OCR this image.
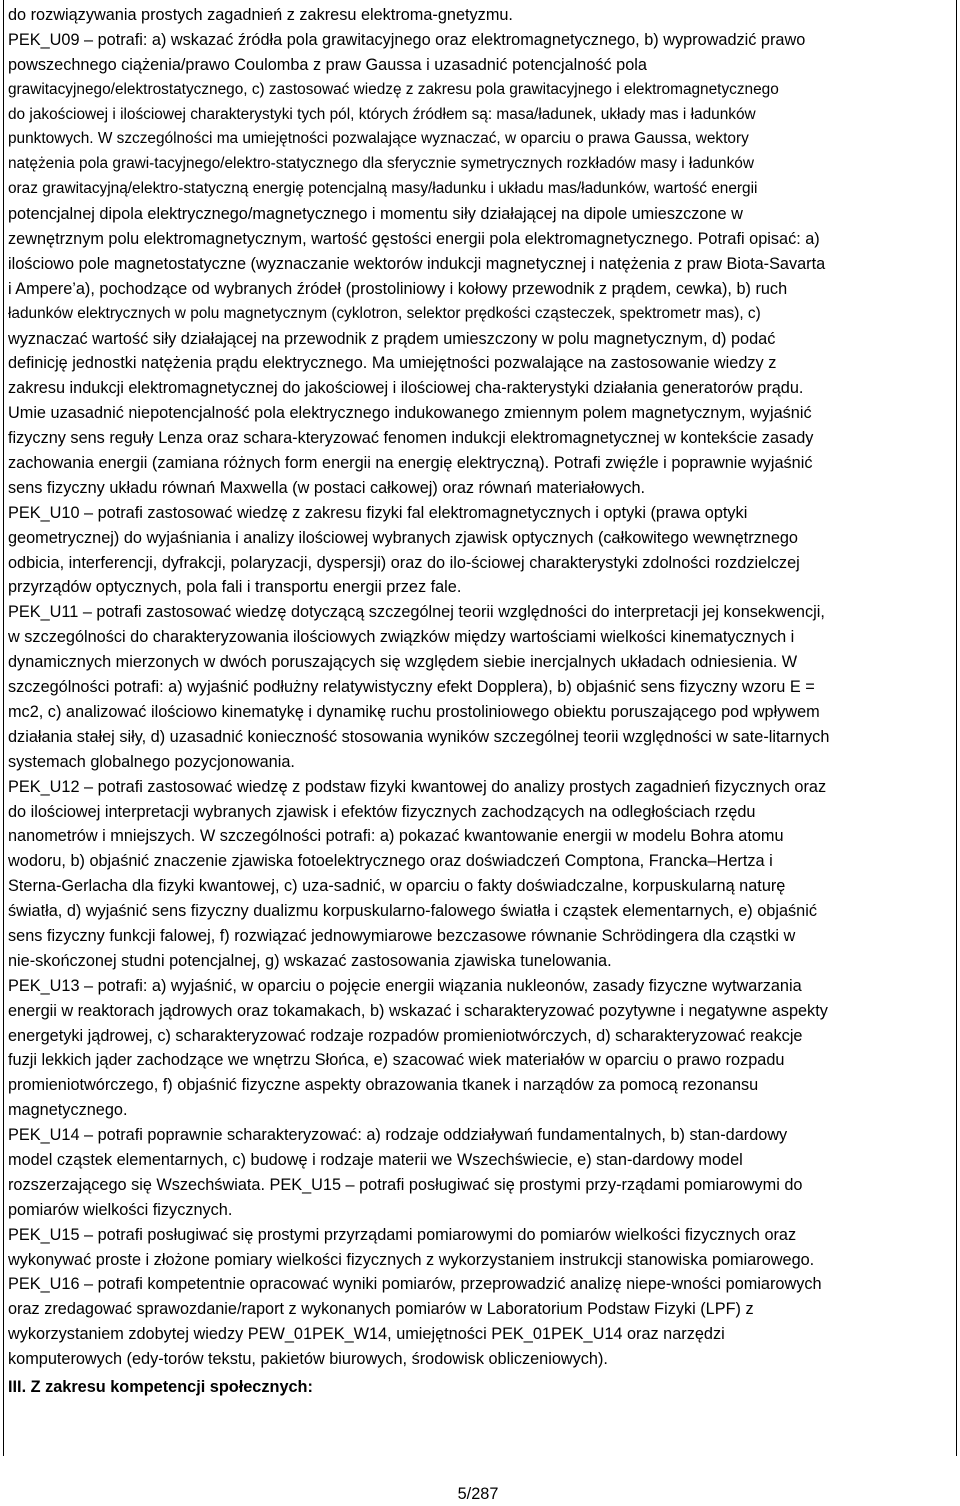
do rozwiązywania prostych zagadnień z zakresu elektroma-gnetyzmu.
PEK_U09 – potrafi: a) wskazać źródła pola grawitacyjnego oraz elektromagnetycznego, b) wyprowadzić prawo
powszechnego ciążenia/prawo Coulomba z praw Gaussa i uzasadnić potencjalność pola
grawitacyjnego/elektrostatycznego, c) zastosować wiedzę z zakresu pola grawitacyjnego i elektromagnetycznego
do jakościowej i ilościowej charakterystyki tych pól, których źródłem są: masa/ładunek, układy mas i ładunków
punktowych. W szczególności ma umiejętności pozwalające wyznaczać, w oparciu o prawa Gaussa, wektory
natężenia pola grawi-tacyjnego/elektro-statycznego dla sferycznie symetrycznych rozkładów masy i ładunków
oraz grawitacyjną/elektro-statyczną energię potencjalną masy/ładunku i układu mas/ładunków, wartość energii
potencjalnej dipola elektrycznego/magnetycznego i momentu siły działającej na dipole umieszczone w
zewnętrznym polu elektromagnetycznym, wartość gęstości energii pola elektromagnetycznego. Potrafi opisać: a)
ilościowo pole magnetostatyczne (wyznaczanie wektorów indukcji magnetycznej i natężenia z praw Biota-Savarta
i Ampere’a), pochodzące od wybranych źródeł (prostoliniowy i kołowy przewodnik z prądem, cewka), b) ruch
ładunków elektrycznych w polu magnetycznym (cyklotron, selektor prędkości cząsteczek, spektrometr mas), c)
wyznaczać wartość siły działającej na przewodnik z prądem umieszczony w polu magnetycznym, d) podać
definicję jednostki natężenia prądu elektrycznego. Ma umiejętności pozwalające na zastosowanie wiedzy z
zakresu indukcji elektromagnetycznej do jakościowej i ilościowej cha-rakterystyki działania generatorów prądu.
Umie uzasadnić niepotencjalność pola elektrycznego indukowanego zmiennym polem magnetycznym, wyjaśnić
fizyczny sens reguły Lenza oraz schara-kteryzować fenomen indukcji elektromagnetycznej w kontekście zasady
zachowania energii (zamiana różnych form energii na energię elektryczną). Potrafi zwięźle i poprawnie wyjaśnić
sens fizyczny układu równań Maxwella (w postaci całkowej) oraz równań materiałowych.
PEK_U10 – potrafi zastosować wiedzę z zakresu fizyki fal elektromagnetycznych i optyki (prawa optyki
geometrycznej) do wyjaśniania i analizy ilościowej wybranych zjawisk optycznych (całkowitego wewnętrznego
odbicia, interferencji, dyfrakcji, polaryzacji, dyspersji) oraz do ilo-ściowej charakterystyki zdolności rozdzielczej
przyrządów optycznych, pola fali i transportu energii przez fale.
PEK_U11 – potrafi zastosować wiedzę dotyczącą szczególnej teorii względności do interpretacji jej konsekwencji,
w szczególności do charakteryzowania ilościowych związków między wartościami wielkości kinematycznych i
dynamicznych mierzonych w dwóch poruszających się względem siebie inercjalnych układach odniesienia. W
szczególności potrafi: a) wyjaśnić podłużny relatywistyczny efekt Dopplera), b) objaśnić sens fizyczny wzoru E =
mc2, c) analizować ilościowo kinematykę i dynamikę ruchu prostoliniowego obiektu poruszającego pod wpływem
działania stałej siły, d) uzasadnić konieczność stosowania wyników szczególnej teorii względności w sate-litarnych
systemach globalnego pozycjonowania.
PEK_U12 – potrafi zastosować wiedzę z podstaw fizyki kwantowej do analizy prostych zagadnień fizycznych oraz
do ilościowej interpretacji wybranych zjawisk i efektów fizycznych zachodzących na odległościach rzędu
nanometrów i mniejszych. W szczególności potrafi: a) pokazać kwantowanie energii w modelu Bohra atomu
wodoru, b) objaśnić znaczenie zjawiska fotoelektrycznego oraz doświadczeń Comptona, Francka–Hertza i
Sterna-Gerlacha dla fizyki kwantowej, c) uza-sadnić, w oparciu o fakty doświadczalne, korpuskularną naturę
światła, d) wyjaśnić sens fizyczny dualizmu korpuskularno-falowego światła i cząstek elementarnych, e) objaśnić
sens fizyczny funkcji falowej, f) rozwiązać jednowymiarowe bezczasowe równanie Schrödingera dla cząstki w
nie-skończonej studni potencjalnej, g) wskazać zastosowania zjawiska tunelowania.
PEK_U13 – potrafi: a) wyjaśnić, w oparciu o pojęcie energii wiązania nukleonów, zasady fizyczne wytwarzania
energii w reaktorach jądrowych oraz tokamakach, b) wskazać i scharakteryzować pozytywne i negatywne aspekty
energetyki jądrowej, c) scharakteryzować rodzaje rozpadów promieniotwórczych, d) scharakteryzować reakcje
fuzji lekkich jąder zachodzące we wnętrzu Słońca, e) szacować wiek materiałów w oparciu o prawo rozpadu
promieniotwórczego, f) objaśnić fizyczne aspekty obrazowania tkanek i narządów za pomocą rezonansu
magnetycznego.
PEK_U14 – potrafi poprawnie scharakteryzować: a) rodzaje oddziaływań fundamentalnych, b) stan-dardowy
model cząstek elementarnych, c) budowę i rodzaje materii we Wszechświecie, e) stan-dardowy model
rozszerzającego się Wszechświata. PEK_U15 – potrafi posługiwać się prostymi przy-rządami pomiarowymi do
pomiarów wielkości fizycznych.
PEK_U15 – potrafi posługiwać się prostymi przyrządami pomiarowymi do pomiarów wielkości fizycznych oraz
wykonywać proste i złożone pomiary wielkości fizycznych z wykorzystaniem instrukcji stanowiska pomiarowego.
PEK_U16 – potrafi kompetentnie opracować wyniki pomiarów, przeprowadzić analizę niepe-wności pomiarowych
oraz zredagować sprawozdanie/raport z wykonanych pomiarów w Laboratorium Podstaw Fizyki (LPF) z
wykorzystaniem zdobytej wiedzy PEW_01PEK_W14, umiejętności PEK_01PEK_U14 oraz narzędzi
komputerowych (edy-torów tekstu, pakietów biurowych, środowisk obliczeniowych).
III. Z zakresu kompetencji społecznych:
5/287
